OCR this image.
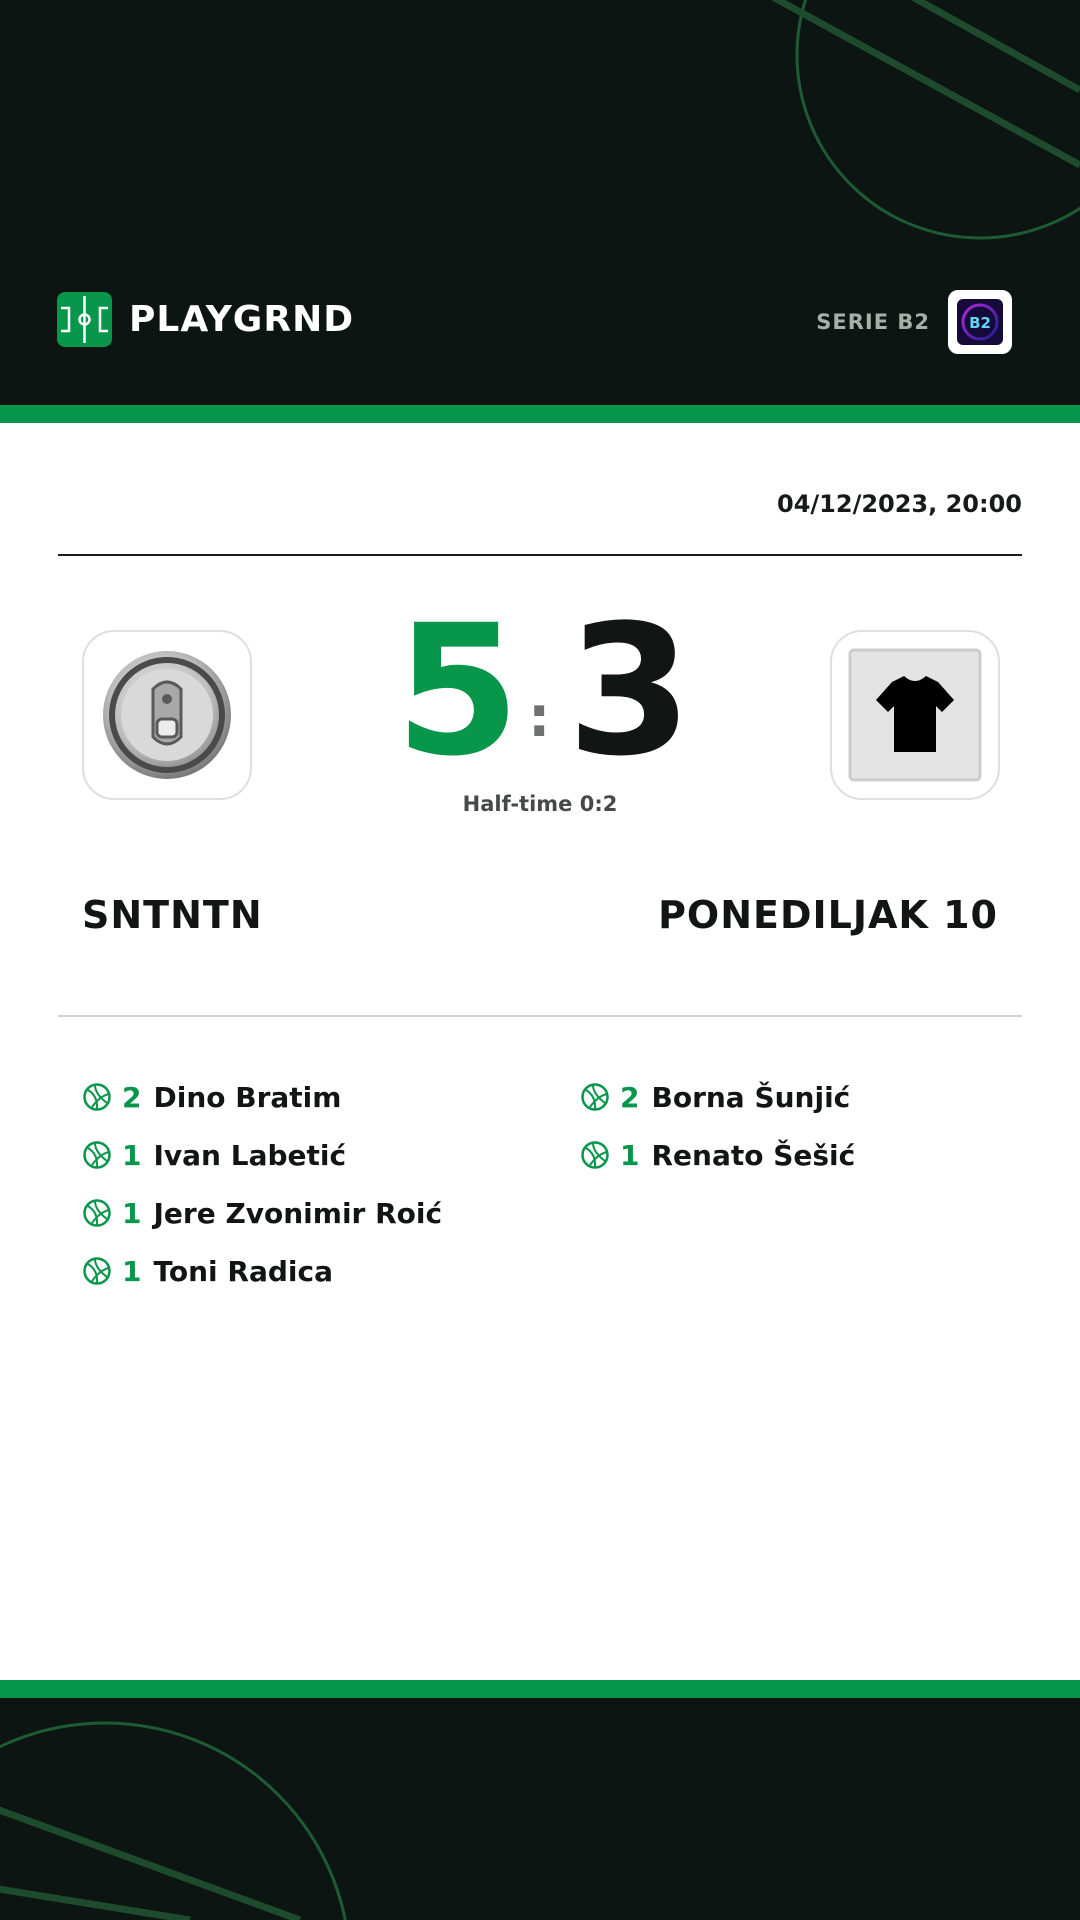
PLAYGRND	SERIE B2	B2
04/12/2023, 20:00
5 : 3
Half-time 0:2
SNTNTN	PONEDILJAK 10
2 Dino Bratim
1 Ivan Labetić
1 Jere Zvonimir Roić
1 Toni Radica
2 Borna Šunjić
1 Renato Šešić
